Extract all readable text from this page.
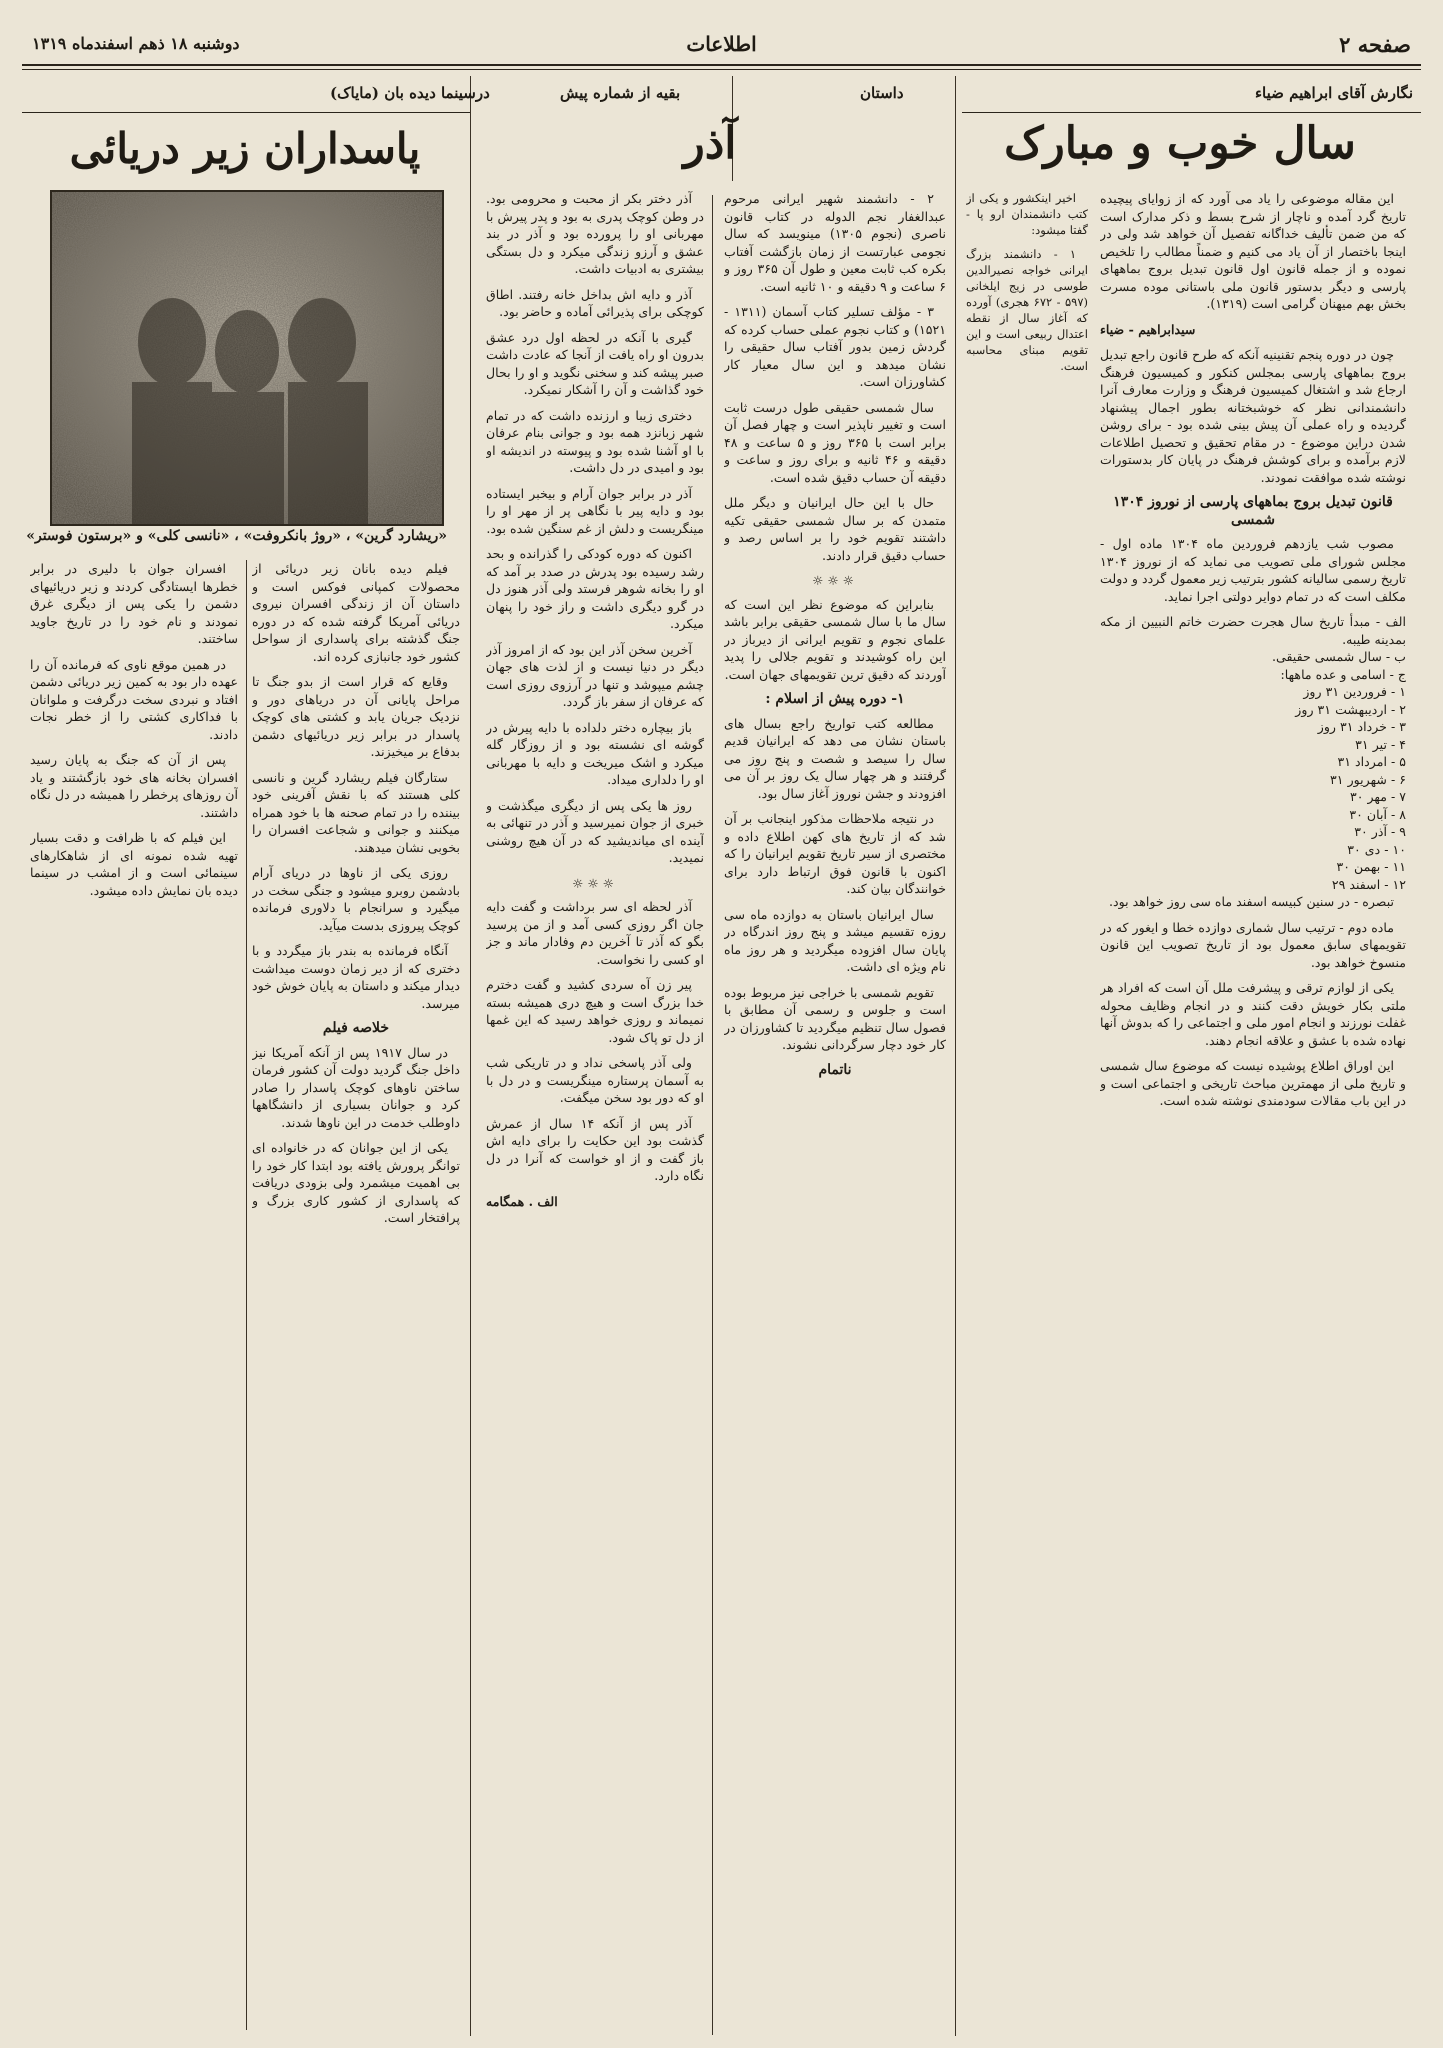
صفحه ۲
اطلاعات
دوشنبه ۱۸ ذهم اسفندماه ۱۳۱۹
نگارش آقای ابراهیم ضیاء
سال خوب و مبارک

این مقاله موضوعی را یاد می آورد که از زوایای پیچیده تاریخ گرد آمده و ناچار از شرح بسط و ذکر مدارک است که من ضمن تألیف خداگانه تفصیل آن خواهد شد ولی در اینجا باختصار از آن یاد می کنیم و ضمناً مطالب را تلخیص نموده و از جمله قانون اول قانون تبدیل بروج بماههای پارسی و دیگر بدستور قانون ملی باستانی موده مسرت بخش بهم میهنان گرامی است (۱۳۱۹).

سیدابراهیم - ضیاء

چون در دوره پنجم تقنینیه آنکه که طرح قانون راجع تبدیل بروج بماههای پارسی بمجلس کنکور و کمیسیون فرهنگ ارجاع شد و اشتغال کمیسیون فرهنگ و وزارت معارف آنرا دانشمندانی نظر که خوشبختانه بطور اجمال پیشنهاد گردیده و راه عملی آن پیش بینی شده بود - برای روشن شدن دراین موضوع - در مقام تحقیق و تحصیل اطلاعات لازم برآمده و برای کوشش فرهنگ در پایان کار بدستورات نوشته شده موافقت نمودند.

قانون تبدیل بروج بماههای پارسی از نوروز ۱۳۰۴ شمسی

مصوب شب یازدهم فروردین ماه ۱۳۰۴ ماده اول - مجلس شورای ملی تصویب می نماید که از نوروز ۱۳۰۴ تاریخ رسمی سالیانه کشور بترتیب زیر معمول گردد و دولت مکلف است که در تمام دوایر دولتی اجرا نماید.

الف - مبدأ تاریخ سال هجرت حضرت خاتم النبیین از مکه بمدینه طیبه.
ب - سال شمسی حقیقی.
ج - اسامی و عده ماهها:
۱ - فروردین ۳۱ روز
۲ - اردیبهشت ۳۱ روز
۳ - خرداد ۳۱ روز
۴ - تیر ۳۱
۵ - امرداد ۳۱
۶ - شهریور ۳۱
۷ - مهر ۳۰
۸ - آبان ۳۰
۹ - آذر ۳۰
۱۰ - دی ۳۰
۱۱ - بهمن ۳۰
۱۲ - اسفند ۲۹

تبصره - در سنین کبیسه اسفند ماه سی روز خواهد بود.

ماده دوم - ترتیب سال شماری دوازده خطا و ایغور که در تقویمهای سابق معمول بود از تاریخ تصویب این قانون منسوخ خواهد بود.

یکی از لوازم ترقی و پیشرفت ملل آن است که افراد هر ملتی بکار خویش دقت کنند و در انجام وظایف محوله غفلت نورزند و انجام امور ملی و اجتماعی را که بدوش آنها نهاده شده با عشق و علاقه انجام دهند.

این اوراق اطلاع پوشیده نیست که موضوع سال شمسی و تاریخ ملی از مهمترین مباحث تاریخی و اجتماعی است و در این باب مقالات سودمندی نوشته شده است.

داستان

اخیر اینکشور و یکی از کتب دانشمندان ارو پا - گفتا میشود:

۱ - دانشمند بزرگ ایرانی خواجه نصیرالدین طوسی در زیج ایلخانی (۵۹۷ - ۶۷۲ هجری) آورده که آغاز سال از نقطه اعتدال ربیعی است و این تقویم مبنای محاسبه است.

۲ - دانشمند شهیر ایرانی مرحوم عبدالغفار نجم الدوله در کتاب قانون ناصری (نجوم ۱۳۰۵) مینویسد که سال نجومی عبارتست از زمان بازگشت آفتاب بکره کب ثابت معین و طول آن ۳۶۵ روز و ۶ ساعت و ۹ دقیقه و ۱۰ ثانیه است.

۳ - مؤلف تسلیر کتاب آسمان (۱۳۱۱ - ۱۵۲۱) و کتاب نجوم عملی حساب کرده که گردش زمین بدور آفتاب سال حقیقی را نشان میدهد و این سال معیار کار کشاورزان است.

سال شمسی حقیقی طول درست ثابت است و تغییر ناپذیر است و چهار فصل آن برابر است با ۳۶۵ روز و ۵ ساعت و ۴۸ دقیقه و ۴۶ ثانیه و برای روز و ساعت و دقیقه آن حساب دقیق شده است.

حال با این حال ایرانیان و دیگر ملل متمدن که بر سال شمسی حقیقی تکیه داشتند تقویم خود را بر اساس رصد و حساب دقیق قرار دادند.

☼☼☼

بنابراین که موضوع نظر این است که سال ما با سال شمسی حقیقی برابر باشد علمای نجوم و تقویم ایرانی از دیرباز در این راه کوشیدند و تقویم جلالی را پدید آوردند که دقیق ترین تقویمهای جهان است.

۱- دوره پیش از اسلام :

مطالعه کتب تواریخ راجع بسال های باستان نشان می دهد که ایرانیان قدیم سال را سیصد و شصت و پنج روز می گرفتند و هر چهار سال یک روز بر آن می افزودند و جشن نوروز آغاز سال بود.

در نتیجه ملاحظات مذکور اینجانب بر آن شد که از تاریخ های کهن اطلاع داده و مختصری از سیر تاریخ تقویم ایرانیان را که اکنون با قانون فوق ارتباط دارد برای خوانندگان بیان کند.

سال ایرانیان باستان به دوازده ماه سی روزه تقسیم میشد و پنج روز اندرگاه در پایان سال افزوده میگردید و هر روز ماه نام ویژه ای داشت.

تقویم شمسی با خراجی نیز مربوط بوده است و جلوس و رسمی آن مطابق با فصول سال تنظیم میگردید تا کشاورزان در کار خود دچار سرگردانی نشوند.

ناتمام
بقیه از شماره پیش
آذر

آذر دختر بکر از محبت و محرومی بود. در وطن کوچک پدری به بود و پدر پیرش با مهربانی او را پرورده بود و آذر در بند عشق و آرزو زندگی میکرد و دل بستگی بیشتری به ادبیات داشت.

آذر و دایه اش بداخل خانه رفتند. اطاق کوچکی برای پذیرائی آماده و حاضر بود.

گیری با آنکه در لحظه اول درد عشق بدرون او راه یافت از آنجا که عادت داشت صبر پیشه کند و سخنی نگوید و او را بحال خود گذاشت و آن را آشکار نمیکرد.

دختری زیبا و ارزنده داشت که در تمام شهر زبانزد همه بود و جوانی بنام عرفان با او آشنا شده بود و پیوسته در اندیشه او بود و امیدی در دل داشت.

آذر در برابر جوان آرام و بیخبر ایستاده بود و دایه پیر با نگاهی پر از مهر او را مینگریست و دلش از غم سنگین شده بود.

اکنون که دوره کودکی را گذرانده و بحد رشد رسیده بود پدرش در صدد بر آمد که او را بخانه شوهر فرستد ولی آذر هنوز دل در گرو دیگری داشت و راز خود را پنهان میکرد.

آخرین سخن آذر این بود که از امروز آذر دیگر در دنیا نیست و از لذت های جهان چشم میپوشد و تنها در آرزوی روزی است که عرفان از سفر باز گردد.

باز بیچاره دختر دلداده با دایه پیرش در گوشه ای نشسته بود و از روزگار گله میکرد و اشک میریخت و دایه با مهربانی او را دلداری میداد.

روز ها یکی پس از دیگری میگذشت و خبری از جوان نمیرسید و آذر در تنهائی به آینده ای میاندیشید که در آن هیچ روشنی نمیدید.

☼☼☼

آذر لحظه ای سر برداشت و گفت دایه جان اگر روزی کسی آمد و از من پرسید بگو که آذر تا آخرین دم وفادار ماند و جز او کسی را نخواست.

پیر زن آه سردی کشید و گفت دخترم خدا بزرگ است و هیچ دری همیشه بسته نمیماند و روزی خواهد رسید که این غمها از دل تو پاک شود.

ولی آذر پاسخی نداد و در تاریکی شب به آسمان پرستاره مینگریست و در دل با او که دور بود سخن میگفت.

آذر پس از آنکه ۱۴ سال از عمرش گذشت بود این حکایت را برای دایه اش باز گفت و از او خواست که آنرا در دل نگاه دارد.

الف . همگامه

درسینما دیده بان (مایاک)
پاسداران زیر دریائی
«ریشارد گرین» ، «روژ بانکروفت» ، «نانسی کلی» و «برستون فوستر»

فیلم دیده بانان زیر دریائی از محصولات کمپانی فوکس است و داستان آن از زندگی افسران نیروی دریائی آمریکا گرفته شده که در دوره جنگ گذشته برای پاسداری از سواحل کشور خود جانبازی کرده اند.

وقایع که قرار است از بدو جنگ تا مراحل پایانی آن در دریاهای دور و نزدیک جریان یابد و کشتی های کوچک پاسدار در برابر زیر دریائیهای دشمن بدفاع بر میخیزند.

ستارگان فیلم ریشارد گرین و نانسی کلی هستند که با نقش آفرینی خود بیننده را در تمام صحنه ها با خود همراه میکنند و جوانی و شجاعت افسران را بخوبی نشان میدهند.

روزی یکی از ناوها در دریای آرام بادشمن روبرو میشود و جنگی سخت در میگیرد و سرانجام با دلاوری فرمانده کوچک پیروزی بدست میآید.

آنگاه فرمانده به بندر باز میگردد و با دختری که از دیر زمان دوست میداشت دیدار میکند و داستان به پایان خوش خود میرسد.

خلاصه فیلم

در سال ۱۹۱۷ پس از آنکه آمریکا نیز داخل جنگ گردید دولت آن کشور فرمان ساختن ناوهای کوچک پاسدار را صادر کرد و جوانان بسیاری از دانشگاهها داوطلب خدمت در این ناوها شدند.

یکی از این جوانان که در خانواده ای توانگر پرورش یافته بود ابتدا کار خود را بی اهمیت میشمرد ولی بزودی دریافت که پاسداری از کشور کاری بزرگ و پرافتخار است.

افسران جوان با دلیری در برابر خطرها ایستادگی کردند و زیر دریائیهای دشمن را یکی پس از دیگری غرق نمودند و نام خود را در تاریخ جاوید ساختند.

در همین موقع ناوی که فرمانده آن را عهده دار بود به کمین زیر دریائی دشمن افتاد و نبردی سخت درگرفت و ملوانان با فداکاری کشتی را از خطر نجات دادند.

پس از آن که جنگ به پایان رسید افسران بخانه های خود بازگشتند و یاد آن روزهای پرخطر را همیشه در دل نگاه داشتند.

این فیلم که با ظرافت و دقت بسیار تهیه شده نمونه ای از شاهکارهای سینمائی است و از امشب در سینما دیده بان نمایش داده میشود.
